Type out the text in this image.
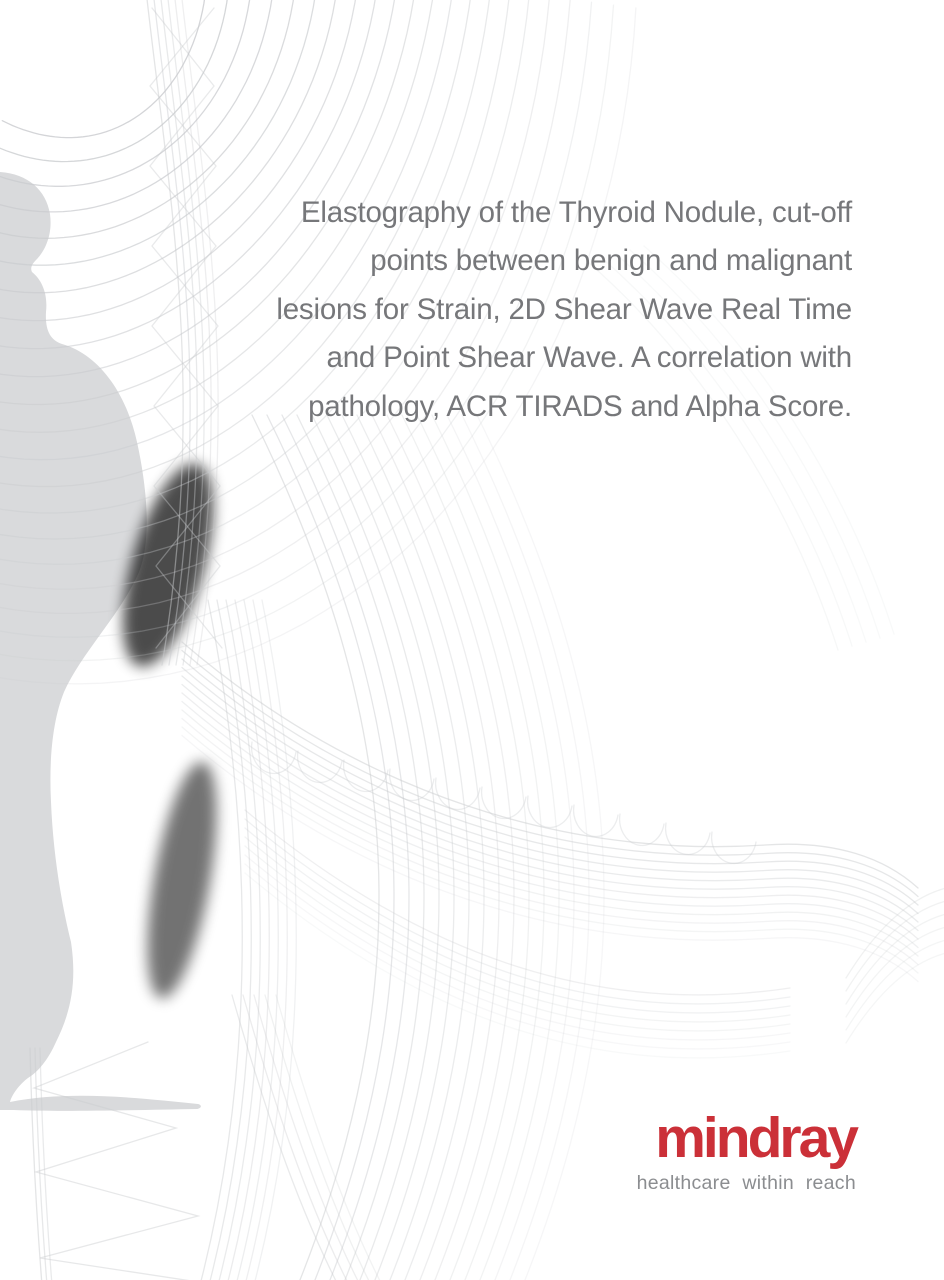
Elastography of the Thyroid Nodule, cut-off
points between benign and malignant
lesions for Strain, 2D Shear Wave Real Time
and Point Shear Wave. A correlation with
pathology, ACR TIRADS and Alpha Score.
mindray
healthcare within reach
